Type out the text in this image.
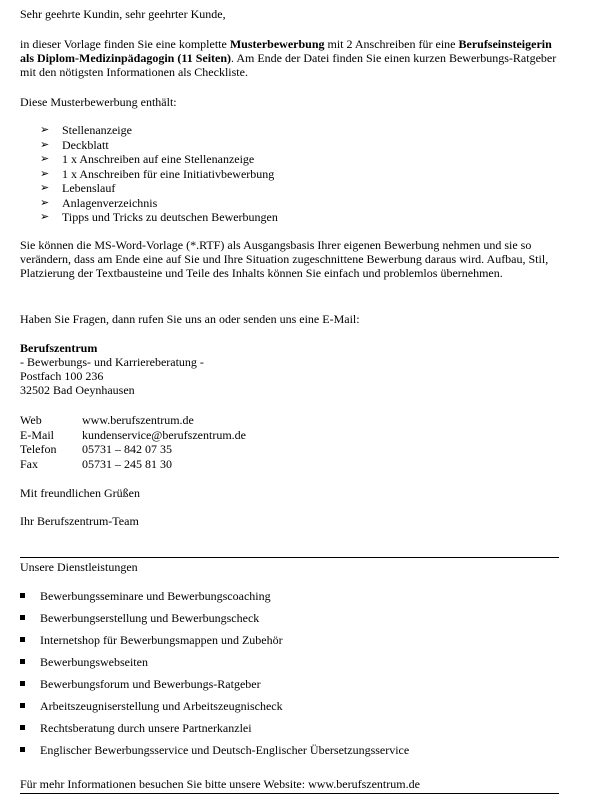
Sehr geehrte Kundin, sehr geehrter Kunde,

in dieser Vorlage finden Sie eine komplette Musterbewerbung mit 2 Anschreiben für eine Berufseinsteigerin als Diplom-Medizinpädagogin (11 Seiten). Am Ende der Datei finden Sie einen kurzen Bewerbungs-Ratgeber mit den nötigsten Informationen als Checkliste.

Diese Musterbewerbung enthält:

➢ Stellenanzeige
➢ Deckblatt
➢ 1 x Anschreiben auf eine Stellenanzeige
➢ 1 x Anschreiben für eine Initiativbewerbung
➢ Lebenslauf
➢ Anlagenverzeichnis
➢ Tipps und Tricks zu deutschen Bewerbungen

Sie können die MS-Word-Vorlage (*.RTF) als Ausgangsbasis Ihrer eigenen Bewerbung nehmen und sie so verändern, dass am Ende eine auf Sie und Ihre Situation zugeschnittene Bewerbung daraus wird. Aufbau, Stil, Platzierung der Textbausteine und Teile des Inhalts können Sie einfach und problemlos übernehmen.

Haben Sie Fragen, dann rufen Sie uns an oder senden uns eine E-Mail:

Berufszentrum
- Bewerbungs- und Karriereberatung -
Postfach 100 236
32502 Bad Oeynhausen
Web	www.berufszentrum.de
E-Mail kundenservice@berufszentrum.de
Telefon 05731 – 842 07 35
Fax	05731 – 245 81 30

Mit freundlichen Grüßen

Ihr Berufszentrum-Team

Unsere Dienstleistungen

Bewerbungsseminare und Bewerbungscoaching
Bewerbungserstellung und Bewerbungscheck
Internetshop für Bewerbungsmappen und Zubehör
Bewerbungswebseiten
Bewerbungsforum und Bewerbungs-Ratgeber
Arbeitszeugniserstellung und Arbeitszeugnischeck
Rechtsberatung durch unsere Partnerkanzlei
Englischer Bewerbungsservice und Deutsch-Englischer Übersetzungsservice

Für mehr Informationen besuchen Sie bitte unsere Website: www.berufszentrum.de
